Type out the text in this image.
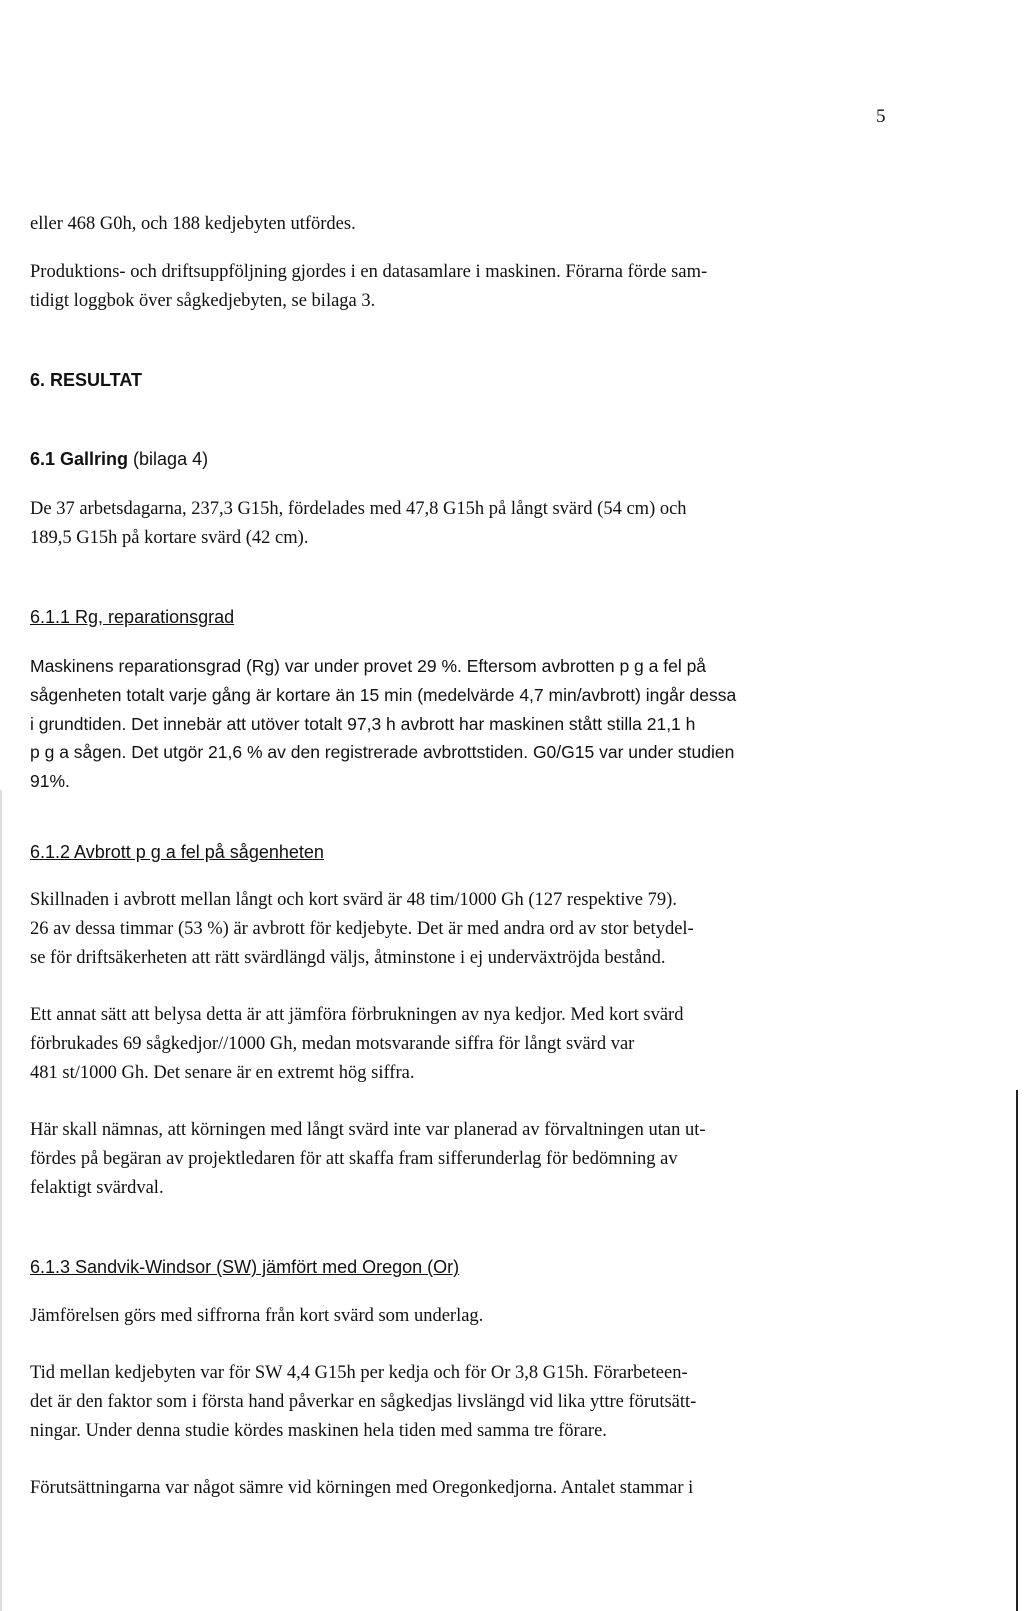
5
eller 468 G0h, och 188 kedjebyten utfördes.
Produktions- och driftsuppföljning gjordes i en datasamlare i maskinen. Förarna förde sam-
tidigt loggbok över sågkedjebyten, se bilaga 3.
6. RESULTAT
6.1 Gallring (bilaga 4)
De 37 arbetsdagarna, 237,3 G15h, fördelades med 47,8 G15h på långt svärd (54 cm) och
189,5 G15h på kortare svärd (42 cm).
6.1.1 Rg, reparationsgrad
Maskinens reparationsgrad (Rg) var under provet 29 %. Eftersom avbrotten p g a fel på
sågenheten totalt varje gång är kortare än 15 min (medelvärde 4,7 min/avbrott) ingår dessa
i grundtiden. Det innebär att utöver totalt 97,3 h avbrott har maskinen stått stilla 21,1 h
p g a sågen. Det utgör 21,6 % av den registrerade avbrottstiden. G0/G15 var under studien
91%.
6.1.2 Avbrott p g a fel på sågenheten
Skillnaden i avbrott mellan långt och kort svärd är 48 tim/1000 Gh (127 respektive 79).
26 av dessa timmar (53 %) är avbrott för kedjebyte. Det är med andra ord av stor betydel-
se för driftsäkerheten att rätt svärdlängd väljs, åtminstone i ej underväxtröjda bestånd.
Ett annat sätt att belysa detta är att jämföra förbrukningen av nya kedjor. Med kort svärd
förbrukades 69 sågkedjor//1000 Gh, medan motsvarande siffra för långt svärd var
481 st/1000 Gh. Det senare är en extremt hög siffra.
Här skall nämnas, att körningen med långt svärd inte var planerad av förvaltningen utan ut-
fördes på begäran av projektledaren för att skaffa fram sifferunderlag för bedömning av
felaktigt svärdval.
6.1.3 Sandvik-Windsor (SW) jämfört med Oregon (Or)
Jämförelsen görs med siffrorna från kort svärd som underlag.
Tid mellan kedjebyten var för SW 4,4 G15h per kedja och för Or 3,8 G15h. Förarbeteen-
det är den faktor som i första hand påverkar en sågkedjas livslängd vid lika yttre förutsätt-
ningar. Under denna studie kördes maskinen hela tiden med samma tre förare.
Förutsättningarna var något sämre vid körningen med Oregonkedjorna. Antalet stammar i
